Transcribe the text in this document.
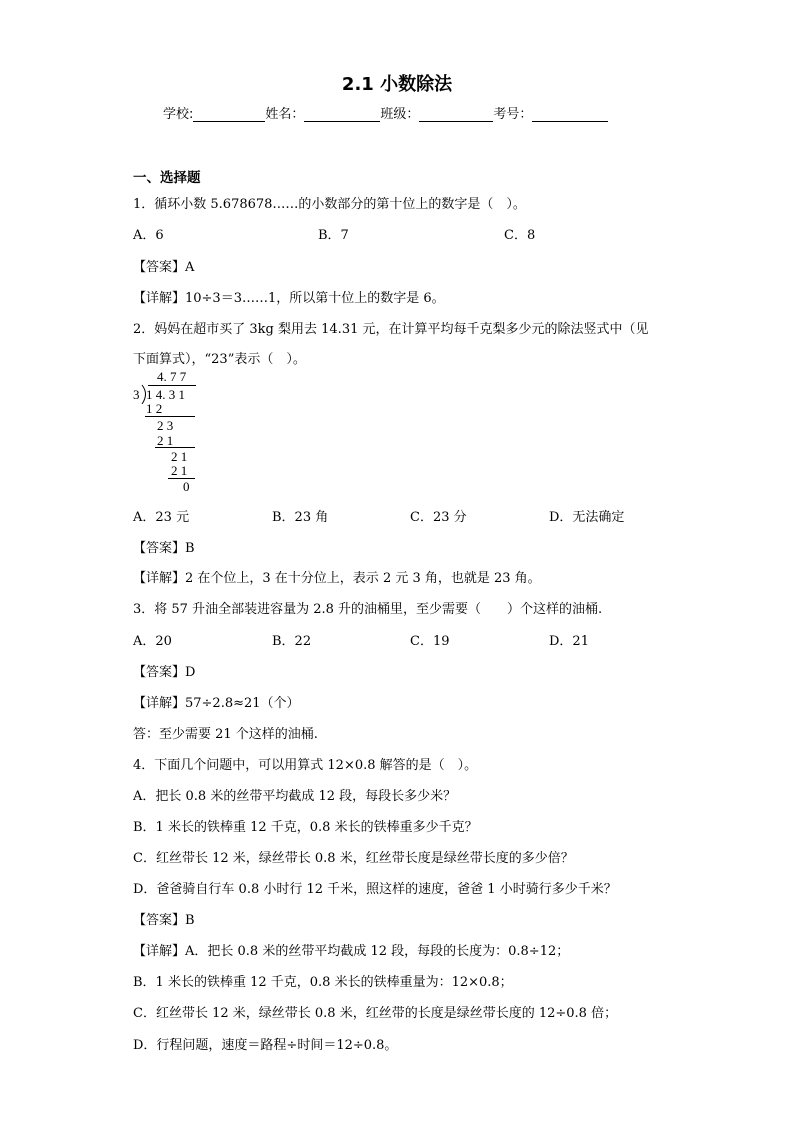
2.1 小数除法
学校:	姓名：	班级：	考号：
一、选择题
1．循环小数 5.678678……的小数部分的第十位上的数字是（　）。
A．6	B．7	C．8
【答案】A
【详解】10÷3＝3……1，所以第十位上的数字是 6。
2．妈妈在超市买了 3kg 梨用去 14.31 元，在计算平均每千克梨多少元的除法竖式中（见
下面算式），“23”表示（　）。
4. 7 7
3 1 4. 3 1
1 2
2 3
2 1
2 1
2 1
0
A．23 元	B．23 角	C．23 分	D．无法确定
【答案】B
【详解】2 在个位上，3 在十分位上，表示 2 元 3 角，也就是 23 角。
3．将 57 升油全部装进容量为 2.8 升的油桶里，至少需要（　　）个这样的油桶.
A．20	B．22	C．19	D．21
【答案】D
【详解】57÷2.8≈21（个）
答：至少需要 21 个这样的油桶.
4．下面几个问题中，可以用算式 12×0.8 解答的是（　）。
A．把长 0.8 米的丝带平均截成 12 段，每段长多少米？
B．1 米长的铁棒重 12 千克，0.8 米长的铁棒重多少千克？
C．红丝带长 12 米，绿丝带长 0.8 米，红丝带长度是绿丝带长度的多少倍？
D．爸爸骑自行车 0.8 小时行 12 千米，照这样的速度，爸爸 1 小时骑行多少千米？
【答案】B
【详解】A．把长 0.8 米的丝带平均截成 12 段，每段的长度为：0.8÷12；
B．1 米长的铁棒重 12 千克，0.8 米长的铁棒重量为：12×0.8；
C．红丝带长 12 米，绿丝带长 0.8 米，红丝带的长度是绿丝带长度的 12÷0.8 倍；
D．行程问题，速度＝路程÷时间＝12÷0.8。
